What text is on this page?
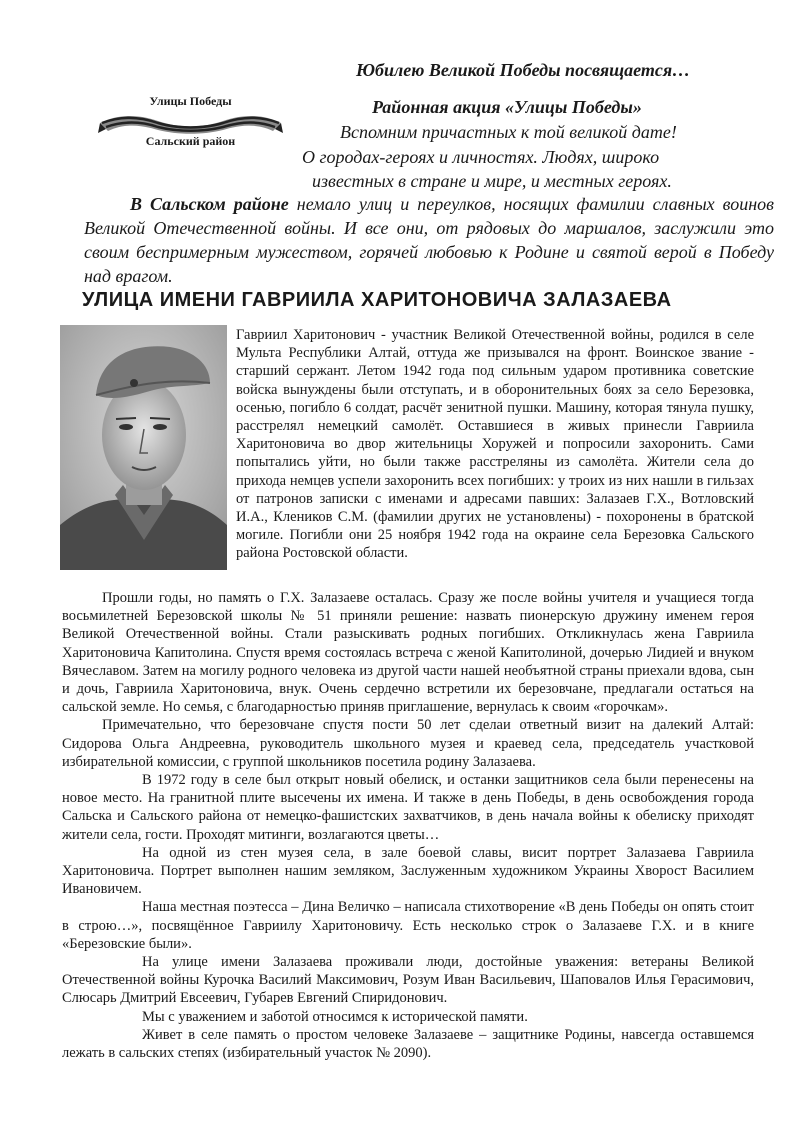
Улицы Победы
Сальский район
Юбилею Великой Победы посвящается…
Районная акция «Улицы Победы»
Вспомним причастных к той великой дате!
О городах-героях и личностях. Людях, широко
известных в стране и мире, и местных героях.
В Сальском районе немало улиц и переулков, носящих фамилии славных воинов Великой Отечественной войны. И все они, от рядовых до маршалов, заслужили это своим беспримерным мужеством, горячей любовью к Родине и святой верой в Победу над врагом.
УЛИЦА ИМЕНИ ГАВРИИЛА ХАРИТОНОВИЧА ЗАЛАЗАЕВА
Гавриил Харитонович - участник Великой Отечественной войны, родился в селе Мульта Республики Алтай, оттуда же призывался на фронт. Воинское звание - старший сержант. Летом 1942 года под сильным ударом противника советские войска вынуждены были отступать, и в оборонительных боях за село Березовка, осенью, погибло 6 солдат, расчёт зенитной пушки. Машину, которая тянула пушку, расстрелял немецкий самолёт. Оставшиеся в живых принесли Гавриила Харитоновича во двор жительницы Хоружей и попросили захоронить. Сами попытались уйти, но были также расстреляны из самолёта. Жители села до прихода немцев успели захоронить всех погибших: у троих из них нашли в гильзах от патронов записки с именами и адресами павших: Залазаев Г.Х., Вотловский И.А., Клеников С.М. (фамилии других не установлены) - похоронены в братской могиле. Погибли они 25 ноября 1942 года на окраине села Березовка Сальского района Ростовской области.

Прошли годы, но память о Г.Х. Залазаеве осталась. Сразу же после войны учителя и учащиеся тогда восьмилетней Березовской школы № 51 приняли решение: назвать пионерскую дружину именем героя Великой Отечественной войны. Стали разыскивать родных погибших. Откликнулась жена Гавриила Харитоновича Капитолина. Спустя время состоялась встреча с женой Капитолиной, дочерью Лидией и внуком Вячеславом. Затем на могилу родного человека из другой части нашей необъятной страны приехали вдова, сын и дочь, Гавриила Харитоновича, внук. Очень сердечно встретили их березовчане, предлагали остаться на сальской земле. Но семья, с благодарностью приняв приглашение, вернулась к своим «горочкам».

Примечательно, что березовчане спустя пости 50 лет сделаи ответный визит на далекий Алтай: Сидорова Ольга Андреевна, руководитель школьного музея и краевед села, председатель участковой избирательной комиссии, с группой школьников посетила родину Залазаева.

В 1972 году в селе был открыт новый обелиск, и останки защитников села были перенесены на новое место. На гранитной плите высечены их имена. И также в день Победы, в день освобождения города Сальска и Сальского района от немецко-фашистских захватчиков, в день начала войны к обелиску приходят жители села, гости. Проходят митинги, возлагаются цветы…

На одной из стен музея села, в зале боевой славы, висит портрет Залазаева Гавриила Харитоновича. Портрет выполнен нашим земляком, Заслуженным художником Украины Хворост Василием Ивановичем.

Наша местная поэтесса – Дина Величко – написала стихотворение «В день Победы он опять стоит в строю…», посвящённое Гавриилу Харитоновичу. Есть несколько строк о Залазаеве Г.Х. и в книге «Березовские были».

На улице имени Залазаева проживали люди, достойные уважения: ветераны Великой Отечественной войны Курочка Василий Максимович, Розум Иван Васильевич, Шаповалов Илья Герасимович, Слюсарь Дмитрий Евсеевич, Губарев Евгений Спиридонович.

Мы с уважением и заботой относимся к исторической памяти.

Живет в селе память о простом человеке Залазаеве – защитнике Родины, навсегда оставшемся лежать в сальских степях (избирательный участок № 2090).
